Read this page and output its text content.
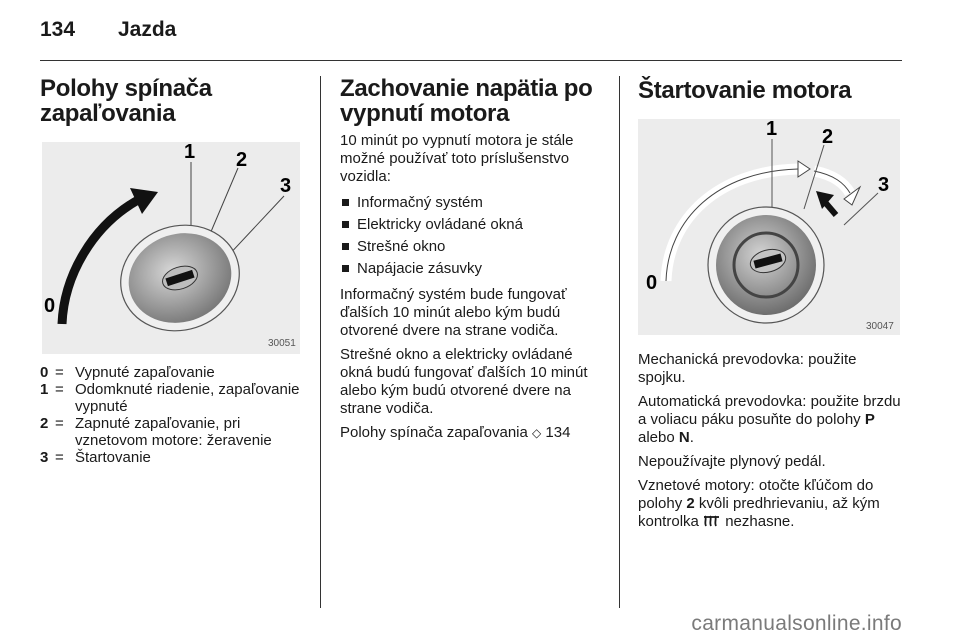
134 Jazda
Polohy spínača
zapaľovania
0
1 2
3
30051
0 = Vypnuté zapaľovanie
1 = Odomknuté riadenie, zapaľovanie vypnuté
2 = Zapnuté zapaľovanie, pri vznetovom motore: žeravenie
3 = Štartovanie
Zachovanie napätia po
vypnutí motora

10 minút po vypnutí motora je stále možné používať toto príslušenstvo vozidla:

Informačný systém
Elektricky ovládané okná
Strešné okno
Napájacie zásuvky

Informačný systém bude fungovať ďalších 10 minút alebo kým budú otvorené dvere na strane vodiča.

Strešné okno a elektricky ovládané okná budú fungovať ďalších 10 minút alebo kým budú otvorené dvere na strane vodiča.

Polohy spínača zapaľovania ◇ 134

Štartovanie motora
0
1 2
3
30047

Mechanická prevodovka: použite spojku.

Automatická prevodovka: použite brzdu a voliacu páku posuňte do polohy P alebo N.

Nepoužívajte plynový pedál.

Vznetové motory: otočte kľúčom do polohy 2 kvôli predhrievaniu, až kým kontrolka  nezhasne.

carmanualsonline.info
